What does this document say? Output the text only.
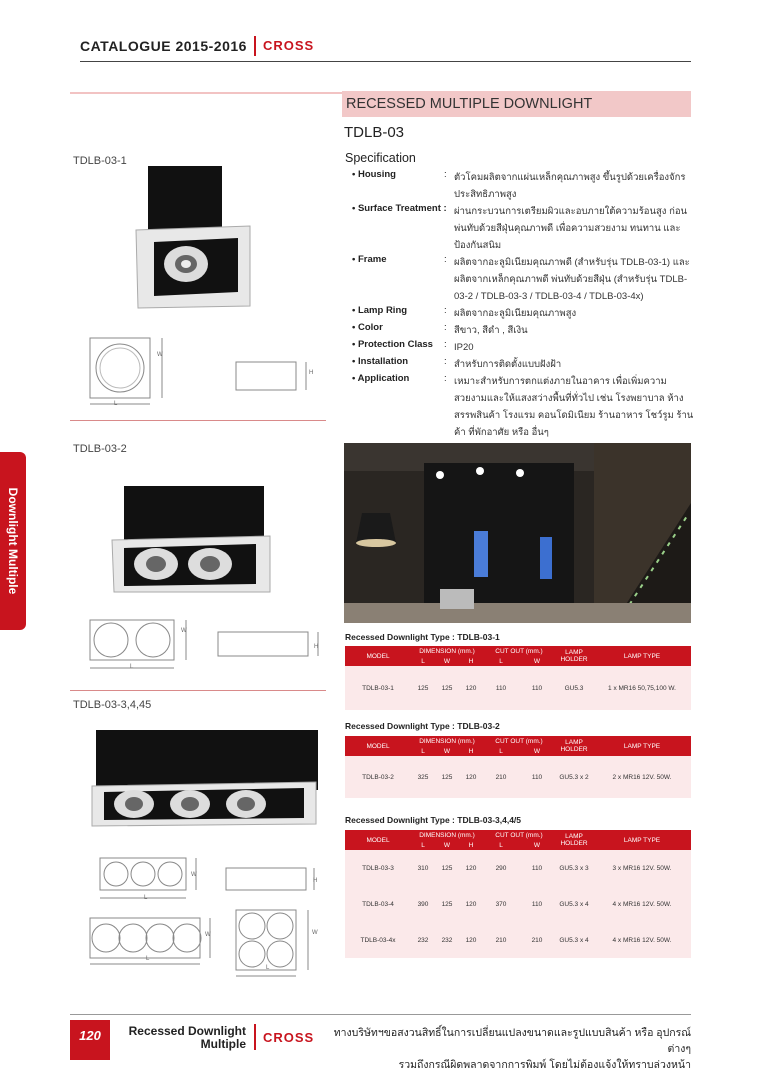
CATALOGUE 2015-2016 CROSS
RECESSED MULTIPLE DOWNLIGHT
TDLB-03
Downlight Multiple
TDLB-03-1
TDLB-03-2
TDLB-03-3,4,45
W
L
H
W
L
H
W
L
H
W
L
W
L
Specification
• Housing	: ตัวโคมผลิตจากแผ่นเหล็กคุณภาพสูง ขึ้นรูปด้วยเครื่องจักรประสิทธิภาพสูง
• Surface Treatment : ผ่านกระบวนการเตรียมผิวและอบภายใต้ความร้อนสูง ก่อนพ่นทับด้วยสีฝุ่นคุณภาพดี เพื่อความสวยงาม ทนทาน และป้องกันสนิม
• Frame	: ผลิตจากอะลูมิเนียมคุณภาพดี (สำหรับรุ่น TDLB-03-1) และผลิตจากเหล็กคุณภาพดี พ่นทับด้วยสีฝุ่น (สำหรับรุ่น TDLB-03-2 / TDLB-03-3 / TDLB-03-4 / TDLB-03-4x)
• Lamp Ring	: ผลิตจากอะลูมิเนียมคุณภาพสูง
• Color	: สีขาว, สีดำ , สีเงิน
• Protection Class	: IP20
• Installation	: สำหรับการติดตั้งแบบฝังฝ้า
• Application	: เหมาะสำหรับการตกแต่งภายในอาคาร เพื่อเพิ่มความสวยงามและให้แสงสว่างพื้นที่ทั่วไป เช่น โรงพยาบาล ห้างสรรพสินค้า โรงแรม คอนโดมิเนียม ร้านอาหาร โชว์รูม ร้านค้า ที่พักอาศัย หรือ อื่นๆ
Recessed Downlight Type : TDLB-03-1
MODEL	DIMENSION (mm.)			CUT OUT (mm.)		LAMP HOLDER	LAMP TYPE
	L	W	H	L	W		
TDLB-03-1	125	125	120	110	110	GU5.3	1 x MR16 50,75,100 W.
Recessed Downlight Type : TDLB-03-2
MODEL	DIMENSION (mm.)			CUT OUT (mm.)		LAMP HOLDER	LAMP TYPE
	L	W	H	L	W		
TDLB-03-2	325	125	120	210	110	GU5.3 x 2	2 x MR16 12V. 50W.
Recessed Downlight Type : TDLB-03-3,4,4/5
MODEL	DIMENSION (mm.)			CUT OUT (mm.)		LAMP HOLDER	LAMP TYPE
	L	W	H	L	W		
TDLB-03-3	310	125	120	290	110	GU5.3 x 3	3 x MR16 12V. 50W.
TDLB-03-4	390	125	120	370	110	GU5.3 x 4	4 x MR16 12V. 50W.
TDLB-03-4x	232	232	120	210	210	GU5.3 x 4	4 x MR16 12V. 50W.
120	Recessed Downlight
Multiple CROSS	ทางบริษัทฯขอสงวนสิทธิ์ในการเปลี่ยนแปลงขนาดและรูปแบบสินค้า หรือ อุปกรณ์ต่างๆ
รวมถึงกรณีผิดพลาดจากการพิมพ์ โดยไม่ต้องแจ้งให้ทราบล่วงหน้า
